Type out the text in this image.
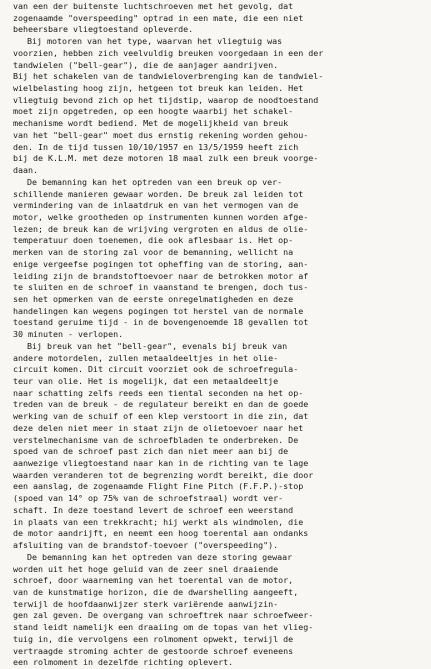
van een der buitenste luchtschroeven met het gevolg, dat
zogenaamde "overspeeding" optrad in een mate, die een niet
beheersbare vliegtoestand opleverde.
Bij motoren van het type, waarvan het vliegtuig was
voorzien, hebben zich veelvuldig breuken voorgedaan in een der
tandwielen ("bell-gear"), die de aanjager aandrijven.
Bij het schakelen van de tandwieloverbrenging kan de tandwiel-
wielbelasting hoog zijn, hetgeen tot breuk kan leiden. Het
vliegtuig bevond zich op het tijdstip, waarop de noodtoestand
moet zijn opgetreden, op een hoogte waarbij het schakel-
mechanisme wordt bediend. Met de mogelijkheid van breuk
van het "bell-gear" moet dus ernstig rekening worden gehou-
den. In de tijd tussen 10/10/1957 en 13/5/1959 heeft zich
bij de K.L.M. met deze motoren 18 maal zulk een breuk voorge-
daan.
De bemanning kan het optreden van een breuk op ver-
schillende manieren gewaar worden. De breuk zal leiden tot
vermindering van de inlaatdruk en van het vermogen van de
motor, welke grootheden op instrumenten kunnen worden afge-
lezen; de breuk kan de wrijving vergroten en aldus de olie-
temperatuur doen toenemen, die ook aflesbaar is. Het op-
merken van de storing zal voor de bemanning, wellicht na
enige vergeefse pogingen tot opheffing van de storing, aan-
leiding zijn de brandstoftoevoer naar de betrokken motor af
te sluiten en de schroef in vaanstand te brengen, doch tus-
sen het opmerken van de eerste onregelmatigheden en deze
handelingen kan wegens pogingen tot herstel van de normale
toestand geruime tijd - in de bovengenoemde 18 gevallen tot
30 minuten - verlopen.
Bij breuk van het "bell-gear", evenals bij breuk van
andere motordelen, zullen metaaldeeltjes in het olie-
circuit komen. Dit circuit voorziet ook de schroefregula-
teur van olie. Het is mogelijk, dat een metaaldeeltje
naar schatting zelfs reeds een tiental seconden na het op-
treden van de breuk - de regulateur bereikt en dan de goede
werking van de schuif of een klep verstoort in die zin, dat
deze delen niet meer in staat zijn de olietoevoer naar het
verstelmechanisme van de schroefbladen te onderbreken. De
spoed van de schroef past zich dan niet meer aan bij de
aanwezige vliegtoestand naar kan in de richting van te lage
waarden veranderen tot de begrenzing wordt bereikt, die door
een aanslag, de zogenaamde Flight Fine Pitch (F.F.P.)-stop
(spoed van 14° op 75% van de schroefstraal) wordt ver-
schaft. In deze toestand levert de schroef een weerstand
in plaats van een trekkracht; hij werkt als windmolen, die
de motor aandrijft, en neemt een hoog toerental aan ondanks
afsluiting van de brandstof-toevoer ("overspeeding").
De bemanning kan het optreden van deze storing gewaar
worden uit het hoge geluid van de zeer snel draaiende
schroef, door waarneming van het toerental van de motor,
van de kunstmatige horizon, die de dwarshelling aangeeft,
terwijl de hoofdaanwijzer sterk variërende aanwijzin-
gen zal geven. De overgang van schroeftrek naar schroefweer-
stand leidt namelijk een draaiing om de topas van het vlieg-
tuig in, die vervolgens een rolmoment opwekt, terwijl de
vertraagde stroming achter de gestoorde schroef eveneens
een rolmoment in dezelfde richting oplevert.
